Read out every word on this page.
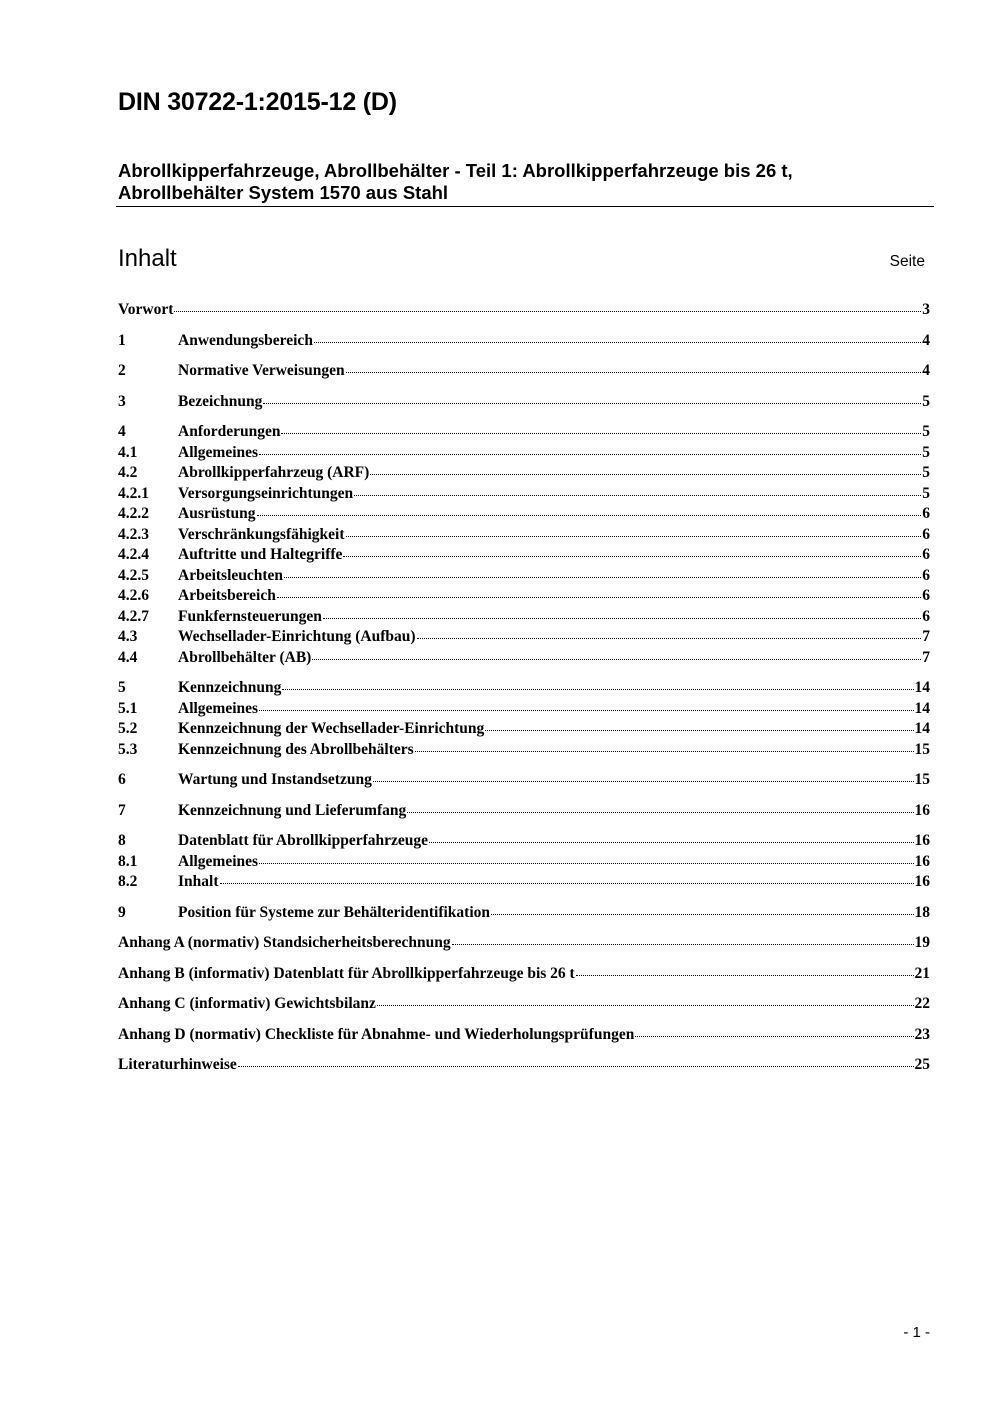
DIN 30722-1:2015-12 (D)
Abrollkipperfahrzeuge, Abrollbehälter - Teil 1: Abrollkipperfahrzeuge bis 26 t,
Abrollbehälter System 1570 aus Stahl
Inhalt	Seite
Vorwort	3
1	Anwendungsbereich	4
2	Normative Verweisungen	4
3	Bezeichnung	5
4	Anforderungen	5
4.1	Allgemeines	5
4.2	Abrollkipperfahrzeug (ARF)	5
4.2.1	Versorgungseinrichtungen	5
4.2.2	Ausrüstung	6
4.2.3	Verschränkungsfähigkeit	6
4.2.4	Auftritte und Haltegriffe	6
4.2.5	Arbeitsleuchten	6
4.2.6	Arbeitsbereich	6
4.2.7	Funkfernsteuerungen	6
4.3	Wechsellader-Einrichtung (Aufbau)	7
4.4	Abrollbehälter (AB)	7
5	Kennzeichnung	14
5.1	Allgemeines	14
5.2	Kennzeichnung der Wechsellader-Einrichtung	14
5.3	Kennzeichnung des Abrollbehälters	15
6	Wartung und Instandsetzung	15
7	Kennzeichnung und Lieferumfang	16
8	Datenblatt für Abrollkipperfahrzeuge	16
8.1	Allgemeines	16
8.2	Inhalt	16
9	Position für Systeme zur Behälteridentifikation	18
Anhang A (normativ) Standsicherheitsberechnung	19
Anhang B (informativ) Datenblatt für Abrollkipperfahrzeuge bis 26 t	21
Anhang C (informativ) Gewichtsbilanz	22
Anhang D (normativ) Checkliste für Abnahme- und Wiederholungsprüfungen	23
Literaturhinweise	25
- 1 -
